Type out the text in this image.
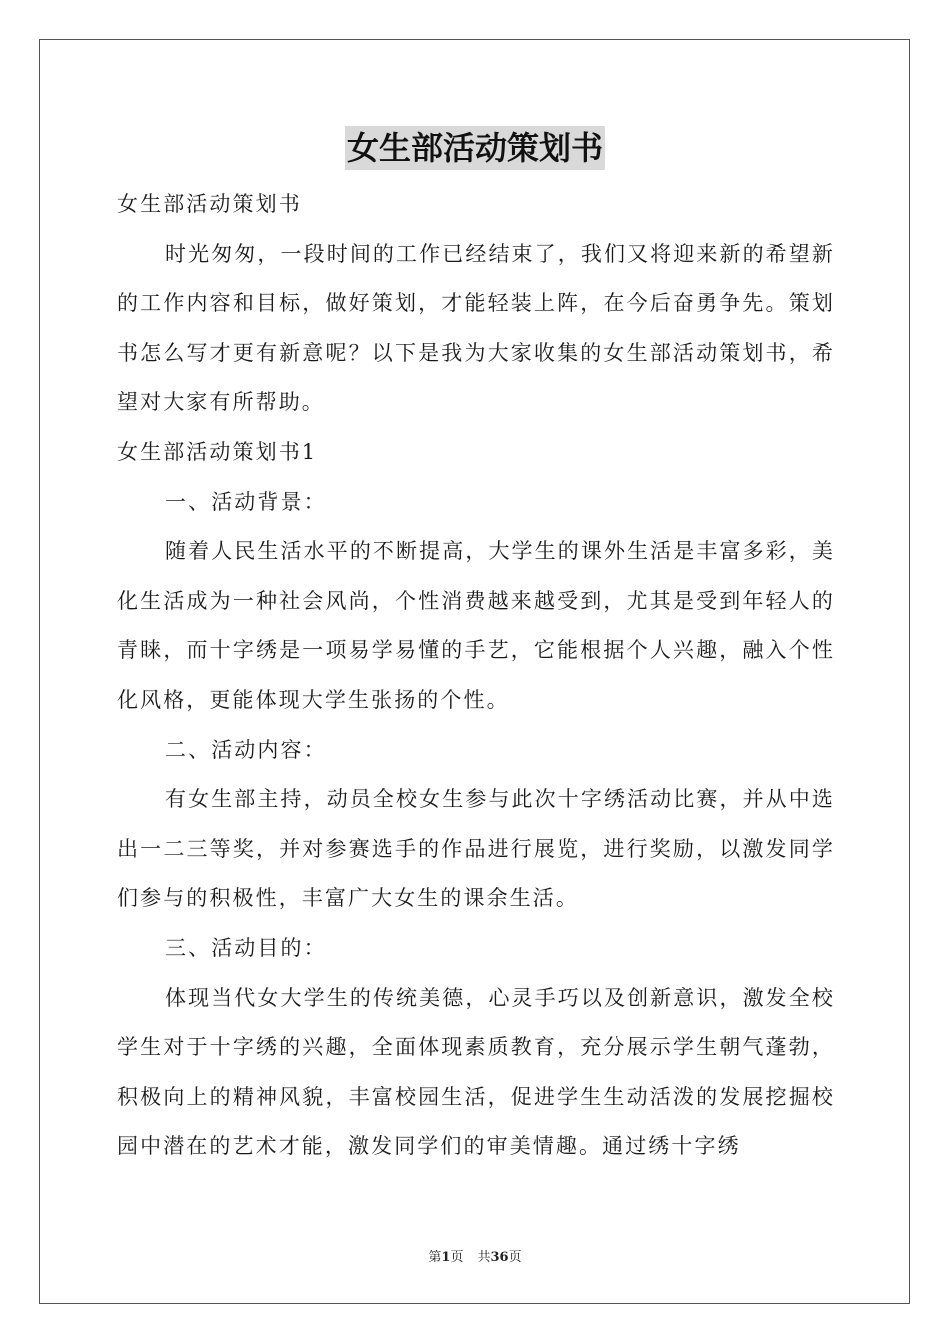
女生部活动策划书

女生部活动策划书

时光匆匆，一段时间的工作已经结束了，我们又将迎来新的希望新的工作内容和目标，做好策划，才能轻装上阵，在今后奋勇争先。策划书怎么写才更有新意呢？以下是我为大家收集的女生部活动策划书，希望对大家有所帮助。

女生部活动策划书1

一、活动背景：

随着人民生活水平的不断提高，大学生的课外生活是丰富多彩，美化生活成为一种社会风尚，个性消费越来越受到，尤其是受到年轻人的青睐，而十字绣是一项易学易懂的手艺，它能根据个人兴趣，融入个性化风格，更能体现大学生张扬的个性。

二、活动内容：

有女生部主持，动员全校女生参与此次十字绣活动比赛，并从中选出一二三等奖，并对参赛选手的作品进行展览，进行奖励，以激发同学们参与的积极性，丰富广大女生的课余生活。

三、活动目的：

体现当代女大学生的传统美德，心灵手巧以及创新意识，激发全校学生对于十字绣的兴趣，全面体现素质教育，充分展示学生朝气蓬勃，积极向上的精神风貌，丰富校园生活，促进学生生动活泼的发展挖掘校园中潜在的艺术才能，激发同学们的审美情趣。通过绣十字绣

第1页 共36页
